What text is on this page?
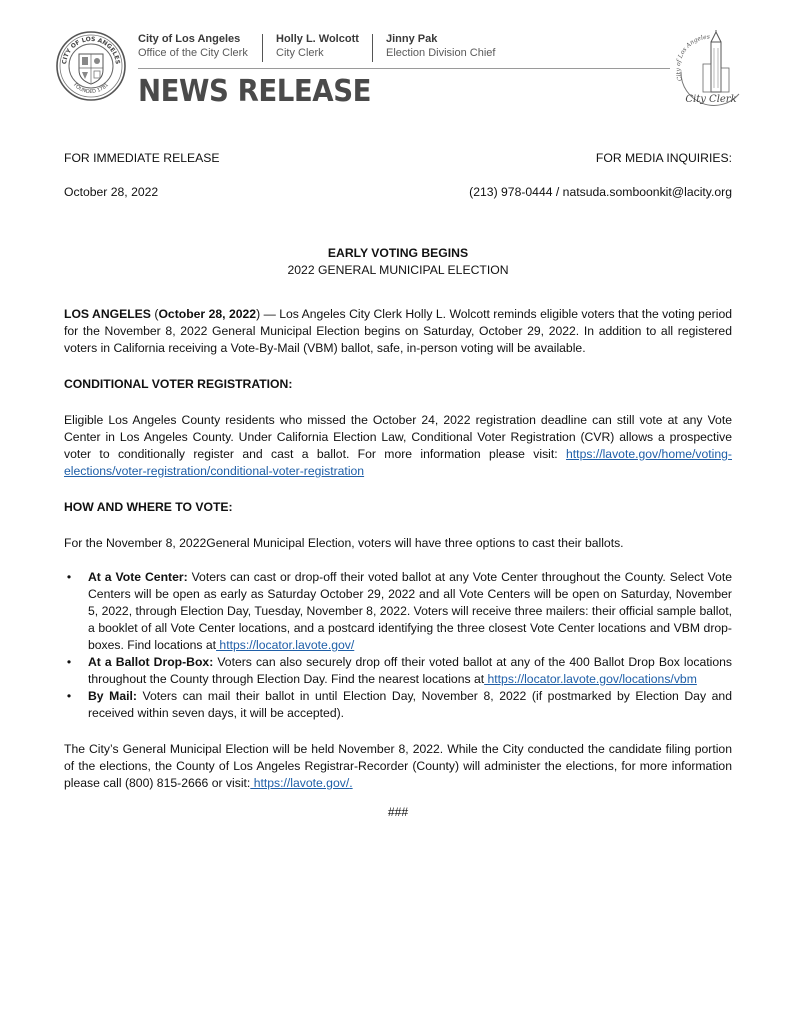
CITY OF LOS ANGELES
FOUNDED 1781
City of Los Angeles
Office of the City Clerk
Holly L. Wolcott
City Clerk
Jinny Pak
Election Division Chief
NEWS RELEASE	City of Los Angeles
City Clerk
FOR IMMEDIATE RELEASE	FOR MEDIA INQUIRIES:
October 28, 2022	(213) 978-0444 / natsuda.somboonkit@lacity.org
EARLY VOTING BEGINS
2022 GENERAL MUNICIPAL ELECTION

LOS ANGELES (October 28, 2022) — Los Angeles City Clerk Holly L. Wolcott reminds eligible voters that the voting period for the November 8, 2022 General Municipal Election begins on Saturday, October 29, 2022. In addition to all registered voters in California receiving a Vote-By-Mail (VBM) ballot, safe, in-person voting will be available.

CONDITIONAL VOTER REGISTRATION:

Eligible Los Angeles County residents who missed the October 24, 2022 registration deadline can still vote at any Vote Center in Los Angeles County. Under California Election Law, Conditional Voter Registration (CVR) allows a prospective voter to conditionally register and cast a ballot. For more information please visit: https://lavote.gov/home/voting-elections/voter-registration/conditional-voter-registration

HOW AND WHERE TO VOTE:

For the November 8, 2022General Municipal Election, voters will have three options to cast their ballots.

• At a Vote Center: Voters can cast or drop-off their voted ballot at any Vote Center throughout the County. Select Vote Centers will be open as early as Saturday October 29, 2022 and all Vote Centers will be open on Saturday, November 5, 2022, through Election Day, Tuesday, November 8, 2022. Voters will receive three mailers: their official sample ballot, a booklet of all Vote Center locations, and a postcard identifying the three closest Vote Center locations and VBM drop-boxes. Find locations at https://locator.lavote.gov/
• At a Ballot Drop-Box: Voters can also securely drop off their voted ballot at any of the 400 Ballot Drop Box locations throughout the County through Election Day. Find the nearest locations at https://locator.lavote.gov/locations/vbm
• By Mail: Voters can mail their ballot in until Election Day, November 8, 2022 (if postmarked by Election Day and received within seven days, it will be accepted).

The City’s General Municipal Election will be held November 8, 2022. While the City conducted the candidate filing portion of the elections, the County of Los Angeles Registrar-Recorder (County) will administer the elections, for more information please call (800) 815-2666 or visit: https://lavote.gov/.

###
